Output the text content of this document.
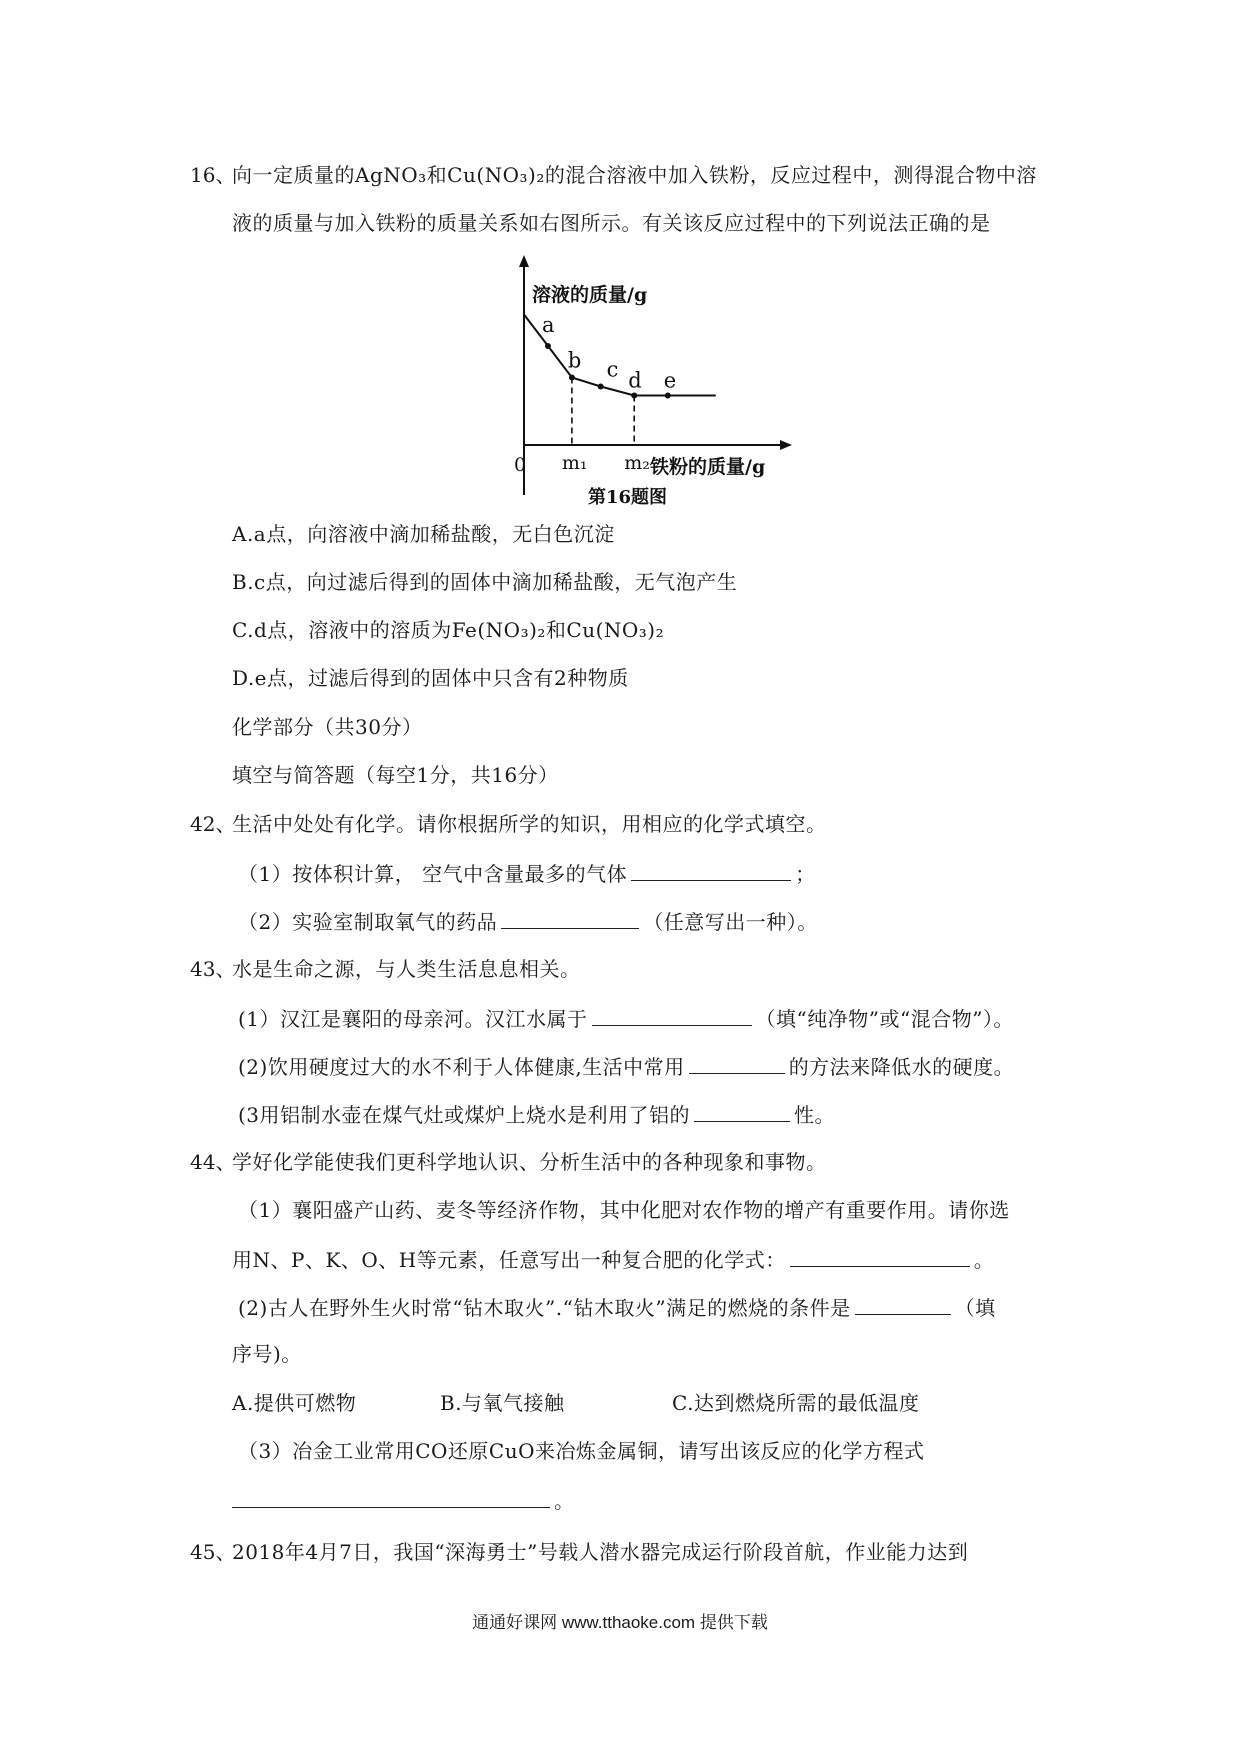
16、
向一定质量的AgNO₃和Cu(NO₃)₂的混合溶液中加入铁粉，反应过程中，测得混合物中溶
液的质量与加入铁粉的质量关系如右图所示。有关该反应过程中的下列说法正确的是
m₁ m₂
a
b c d e
溶液的质量/g
0	铁粉的质量/g
第16题图
A.a点，向溶液中滴加稀盐酸，无白色沉淀
B.c点，向过滤后得到的固体中滴加稀盐酸，无气泡产生
C.d点，溶液中的溶质为Fe(NO₃)₂和Cu(NO₃)₂
D.e点，过滤后得到的固体中只含有2种物质
化学部分（共30分）
填空与简答题（每空1分，共16分）
42、
生活中处处有化学。请你根据所学的知识，用相应的化学式填空。
（1）按体积计算， 空气中含量最多的气体	；
（2）实验室制取氧气的药品	（任意写出一种）。
43、
水是生命之源，与人类生活息息相关。
(1）汉江是襄阳的母亲河。汉江水属于	（填“纯净物”或“混合物”）。
(2)饮用硬度过大的水不利于人体健康,生活中常用	的方法来降低水的硬度。
(3用铝制水壶在煤气灶或煤炉上烧水是利用了铝的	性。
44、
学好化学能使我们更科学地认识、分析生活中的各种现象和事物。
（1）襄阳盛产山药、麦冬等经济作物，其中化肥对农作物的增产有重要作用。请你选
用N、P、K、O、H等元素，任意写出一种复合肥的化学式：	。
(2)古人在野外生火时常“钻木取火”.“钻木取火”满足的燃烧的条件是	（填
序号)。
A.提供可燃物	B.与氧气接触	C.达到燃烧所需的最低温度
（3）冶金工业常用CO还原CuO来冶炼金属铜，请写出该反应的化学方程式
。
45、
2018年4月7日，我国“深海勇士”号载人潜水器完成运行阶段首航，作业能力达到
通通好课网 www.tthaoke.com 提供下载
